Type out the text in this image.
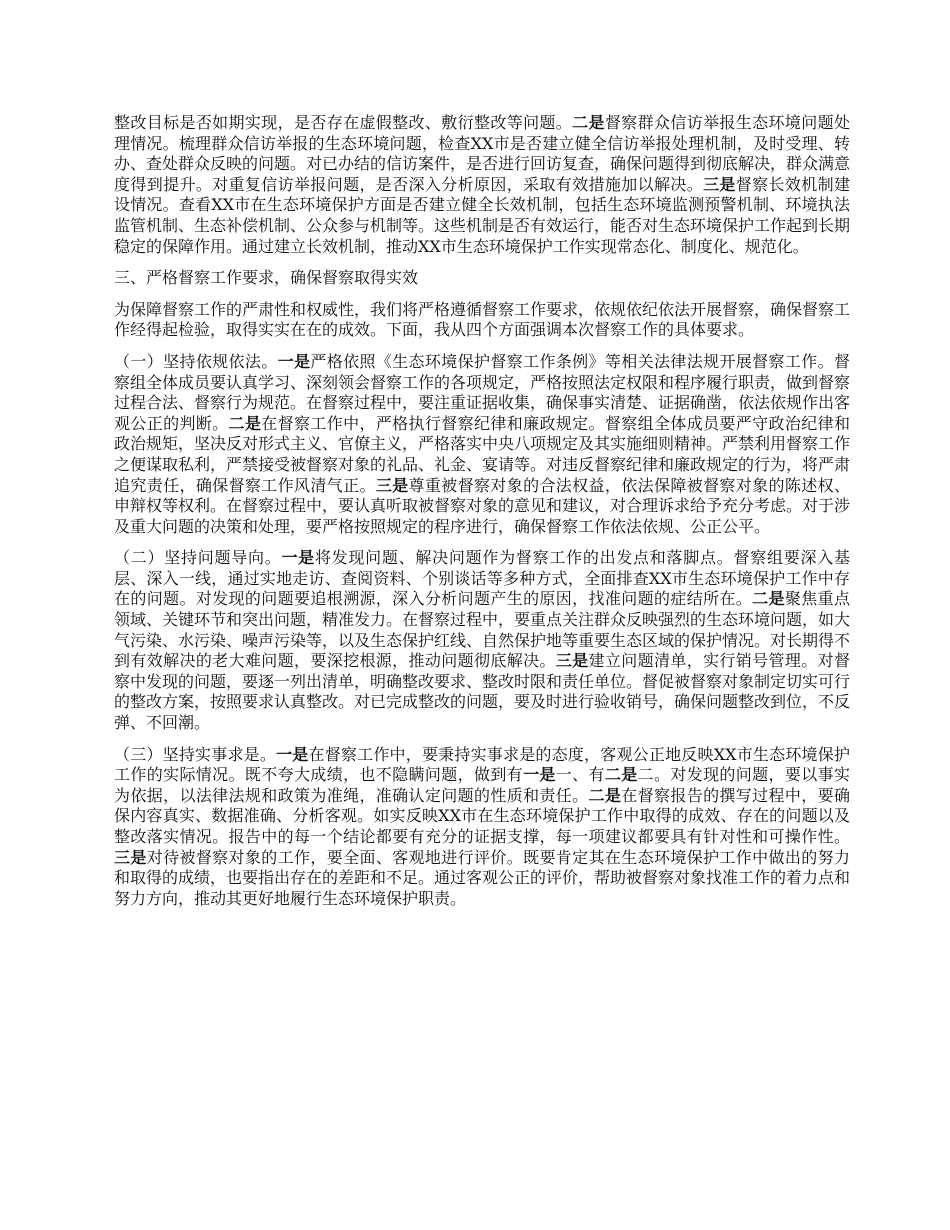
整改目标是否如期实现，是否存在虚假整改、敷衍整改等问题。二是督察群众信访举报生态环境问题处理情况。梳理群众信访举报的生态环境问题，检查XX市是否建立健全信访举报处理机制，及时受理、转办、查处群众反映的问题。对已办结的信访案件，是否进行回访复查，确保问题得到彻底解决，群众满意度得到提升。对重复信访举报问题，是否深入分析原因，采取有效措施加以解决。三是督察长效机制建设情况。查看XX市在生态环境保护方面是否建立健全长效机制，包括生态环境监测预警机制、环境执法监管机制、生态补偿机制、公众参与机制等。这些机制是否有效运行，能否对生态环境保护工作起到长期稳定的保障作用。通过建立长效机制，推动XX市生态环境保护工作实现常态化、制度化、规范化。

三、严格督察工作要求，确保督察取得实效

为保障督察工作的严肃性和权威性，我们将严格遵循督察工作要求，依规依纪依法开展督察，确保督察工作经得起检验，取得实实在在的成效。下面，我从四个方面强调本次督察工作的具体要求。

（一）坚持依规依法。一是严格依照《生态环境保护督察工作条例》等相关法律法规开展督察工作。督察组全体成员要认真学习、深刻领会督察工作的各项规定，严格按照法定权限和程序履行职责，做到督察过程合法、督察行为规范。在督察过程中，要注重证据收集，确保事实清楚、证据确凿，依法依规作出客观公正的判断。二是在督察工作中，严格执行督察纪律和廉政规定。督察组全体成员要严守政治纪律和政治规矩，坚决反对形式主义、官僚主义，严格落实中央八项规定及其实施细则精神。严禁利用督察工作之便谋取私利，严禁接受被督察对象的礼品、礼金、宴请等。对违反督察纪律和廉政规定的行为，将严肃追究责任，确保督察工作风清气正。三是尊重被督察对象的合法权益，依法保障被督察对象的陈述权、申辩权等权利。在督察过程中，要认真听取被督察对象的意见和建议，对合理诉求给予充分考虑。对于涉及重大问题的决策和处理，要严格按照规定的程序进行，确保督察工作依法依规、公正公平。

（二）坚持问题导向。一是将发现问题、解决问题作为督察工作的出发点和落脚点。督察组要深入基层、深入一线，通过实地走访、查阅资料、个别谈话等多种方式，全面排查XX市生态环境保护工作中存在的问题。对发现的问题要追根溯源，深入分析问题产生的原因，找准问题的症结所在。二是聚焦重点领域、关键环节和突出问题，精准发力。在督察过程中，要重点关注群众反映强烈的生态环境问题，如大气污染、水污染、噪声污染等，以及生态保护红线、自然保护地等重要生态区域的保护情况。对长期得不到有效解决的老大难问题，要深挖根源，推动问题彻底解决。三是建立问题清单，实行销号管理。对督察中发现的问题，要逐一列出清单，明确整改要求、整改时限和责任单位。督促被督察对象制定切实可行的整改方案，按照要求认真整改。对已完成整改的问题，要及时进行验收销号，确保问题整改到位，不反弹、不回潮。

（三）坚持实事求是。一是在督察工作中，要秉持实事求是的态度，客观公正地反映XX市生态环境保护工作的实际情况。既不夸大成绩，也不隐瞒问题，做到有一是一、有二是二。对发现的问题，要以事实为依据，以法律法规和政策为准绳，准确认定问题的性质和责任。二是在督察报告的撰写过程中，要确保内容真实、数据准确、分析客观。如实反映XX市在生态环境保护工作中取得的成效、存在的问题以及整改落实情况。报告中的每一个结论都要有充分的证据支撑，每一项建议都要具有针对性和可操作性。三是对待被督察对象的工作，要全面、客观地进行评价。既要肯定其在生态环境保护工作中做出的努力和取得的成绩，也要指出存在的差距和不足。通过客观公正的评价，帮助被督察对象找准工作的着力点和努力方向，推动其更好地履行生态环境保护职责。
